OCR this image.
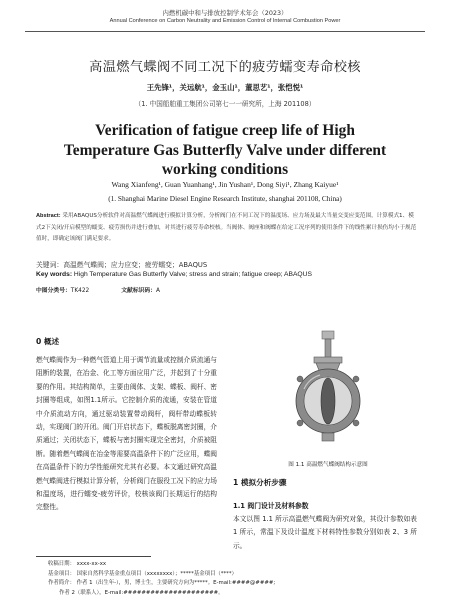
内燃机碳中和与排放控制学术年会（2023）
Annual Conference on Carbon Neutrality and Emission Control of Internal Combustion Power
高温燃气蝶阀不同工况下的疲劳蠕变寿命校核
王先锋¹，关远航¹，金玉山¹，董思艺¹，张恺悦¹
（1. 中国船舶重工集团公司第七一一研究所，上海 201108）
Verification of fatigue creep life of High Temperature Gas Butterfly Valve under different working conditions
Wang Xianfeng¹, Guan Yuanhang¹, Jin Yushan¹, Dong Siyi¹, Zhang Kaiyue¹
(1. Shanghai Marine Diesel Engine Research Institute, shanghai 201108, China)
Abstract: 采用ABAQUS分析软件对高温燃气蝶阀进行模拟计算分析，分析阀门在不同工况下的温度场、应力场及最大当量交变应变范围，计算模式1、模式2下关闭/开启模型的蠕变、疲劳损伤并进行叠加，对其进行疲劳寿命校核。当阀体、阀座和阀蝶在给定工况序列的使用条件下的线性累计损伤均小于规范值时，即确定该阀门满足要求。
关键词：高温燃气蝶阀；应力应变；疲劳蠕变；ABAQUS
Key words: High Temperature Gas Butterfly Valve; stress and strain; fatigue creep; ABAQUS
中图分类号：TK422	文献标识码：A
0 概述
燃气蝶阀作为一种燃气管道上用于调节流量或控制介质流通与阻断的装置，在冶金、化工等方面应用广泛，并起到了十分重要的作用。其结构简单，主要由阀体、支架、蝶板、阀杆、密封圈等组成，如图1.1所示。它控制介质的流通，安装在管道中介质流动方向，通过驱动装置带动阀杆，阀杆带动蝶板转动，实现阀门的开闭。阀门开启状态下，蝶板脱离密封圈，介质通过；关闭状态下，蝶板与密封圈实现完全密封，介质被阻断。随着燃气蝶阀在冶金等需要高温条件下的广泛应用，蝶阀在高温条件下的力学性能研究尤其有必要。本文通过研究高温燃气蝶阀进行模拟计算分析，分析阀门在服役工况下的应力场和温度场，进行蠕变-疲劳评价，校核该阀门长期运行的结构完整性。
图 1.1 高温燃气蝶阀结构示意图
1 模拟分析步骤
1.1 阀门设计及材料参数
本文以图 1.1 所示高温燃气蝶阀为研究对象，其设计参数如表 1 所示，常温下及设计温度下材料特性参数分别如表 2、3 所示。
收稿日期： xxxx-xx-xx
基金项目： 国家自然科学基金重点项目（xxxxxxxx）；*****基金项目（****）
作者简介： 作者 1（出生年-），男，博士生，主要研究方向为*****。E-mail:####@####;
作者 2（联系人），E-mail:#####################。
